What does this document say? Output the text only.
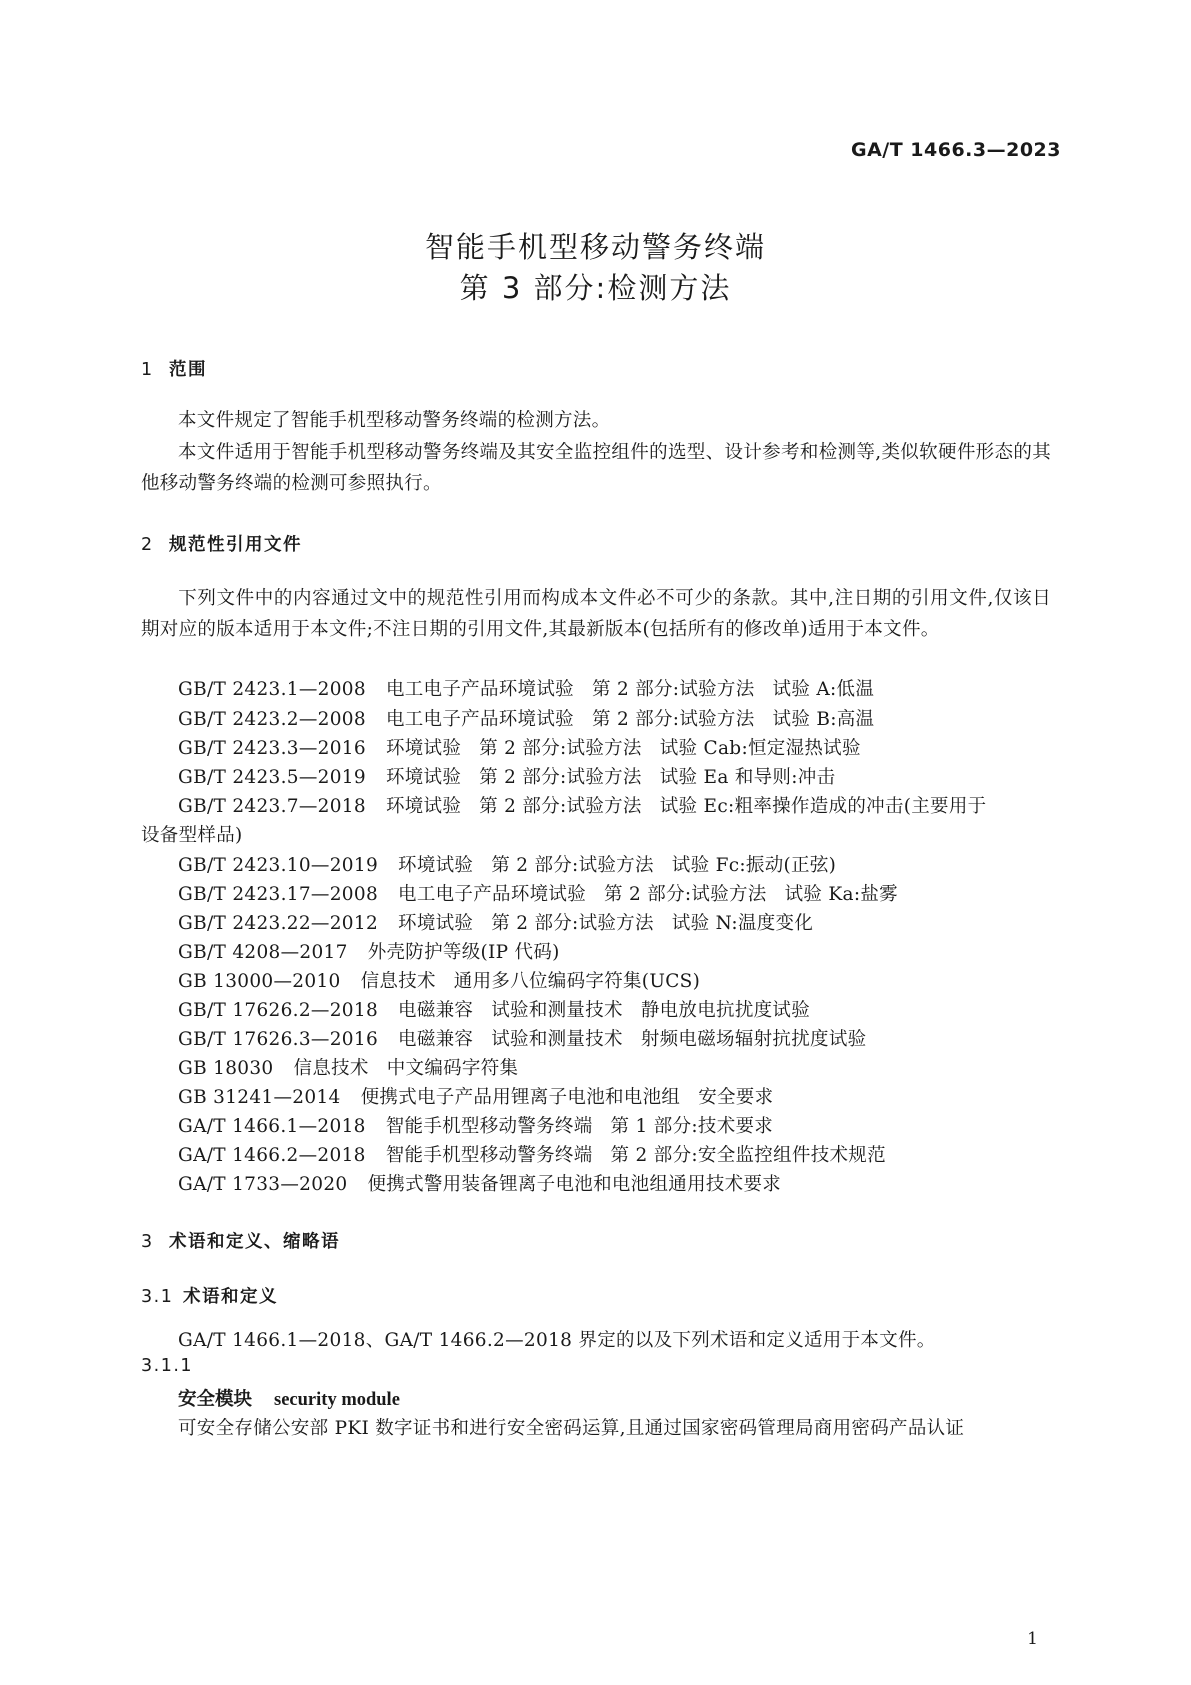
GA/T 1466.3—2023
智能手机型移动警务终端
第 3 部分:检测方法
1 范围

本文件规定了智能手机型移动警务终端的检测方法。

本文件适用于智能手机型移动警务终端及其安全监控组件的选型、设计参考和检测等,类似软硬件形态的其他移动警务终端的检测可参照执行。

2 规范性引用文件

下列文件中的内容通过文中的规范性引用而构成本文件必不可少的条款。其中,注日期的引用文件,仅该日期对应的版本适用于本文件;不注日期的引用文件,其最新版本(包括所有的修改单)适用于本文件。

GB/T 2423.1—2008 电工电子产品环境试验 第 2 部分:试验方法 试验 A:低温
GB/T 2423.2—2008 电工电子产品环境试验 第 2 部分:试验方法 试验 B:高温
GB/T 2423.3—2016 环境试验 第 2 部分:试验方法 试验 Cab:恒定湿热试验
GB/T 2423.5—2019 环境试验 第 2 部分:试验方法 试验 Ea 和导则:冲击
GB/T 2423.7—2018 环境试验 第 2 部分:试验方法 试验 Ec:粗率操作造成的冲击(主要用于
设备型样品)
GB/T 2423.10—2019 环境试验 第 2 部分:试验方法 试验 Fc:振动(正弦)
GB/T 2423.17—2008 电工电子产品环境试验 第 2 部分:试验方法 试验 Ka:盐雾
GB/T 2423.22—2012 环境试验 第 2 部分:试验方法 试验 N:温度变化
GB/T 4208—2017 外壳防护等级(IP 代码)
GB 13000—2010 信息技术 通用多八位编码字符集(UCS)
GB/T 17626.2—2018 电磁兼容 试验和测量技术 静电放电抗扰度试验
GB/T 17626.3—2016 电磁兼容 试验和测量技术 射频电磁场辐射抗扰度试验
GB 18030 信息技术 中文编码字符集
GB 31241—2014 便携式电子产品用锂离子电池和电池组 安全要求
GA/T 1466.1—2018 智能手机型移动警务终端 第 1 部分:技术要求
GA/T 1466.2—2018 智能手机型移动警务终端 第 2 部分:安全监控组件技术规范
GA/T 1733—2020 便携式警用装备锂离子电池和电池组通用技术要求
3 术语和定义、缩略语
3.1 术语和定义
GA/T 1466.1—2018、GA/T 1466.2—2018 界定的以及下列术语和定义适用于本文件。
3.1.1
安全模块 security module
可安全存储公安部 PKI 数字证书和进行安全密码运算,且通过国家密码管理局商用密码产品认证
1
